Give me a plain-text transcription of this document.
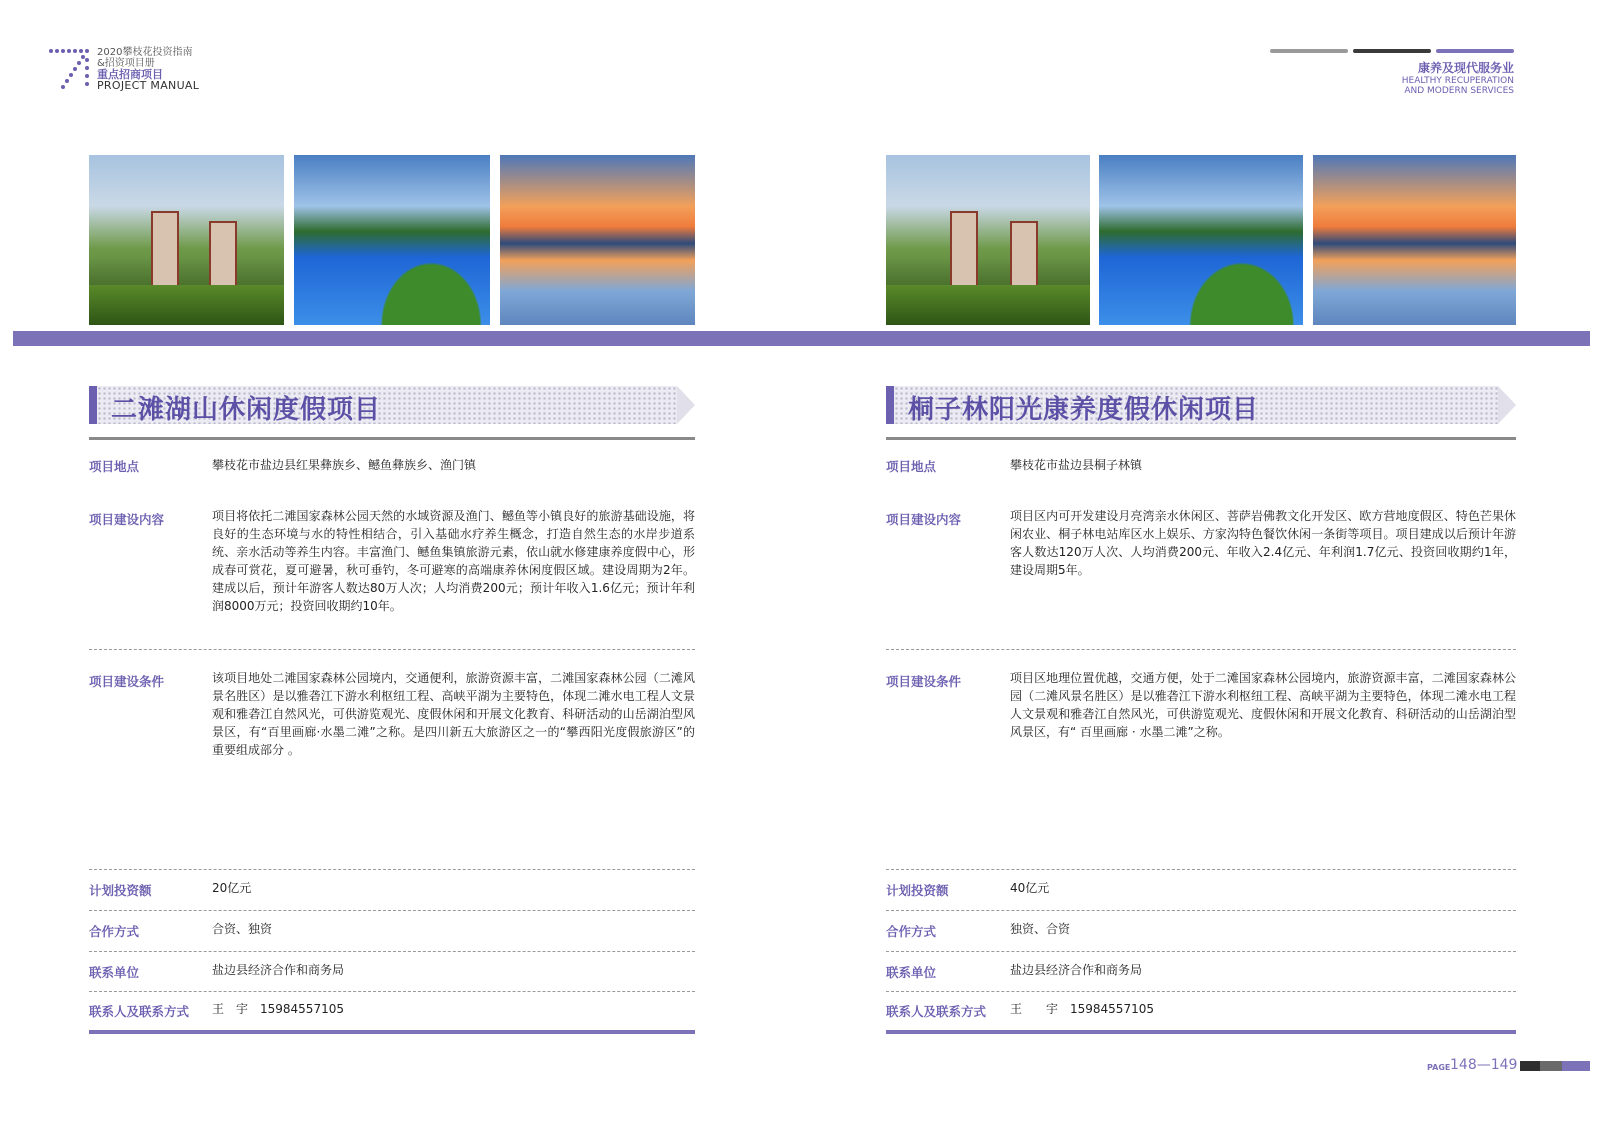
2020攀枝花投资指南
&招资项目册
重点招商项目
PROJECT MANUAL
康养及现代服务业
HEALTHY RECUPERATION
AND MODERN SERVICES
二滩湖山休闲度假项目
项目地点	攀枝花市盐边县红果彝族乡、鳡鱼彝族乡、渔门镇
项目建设内容	项目将依托二滩国家森林公园天然的水域资源及渔门、鳡鱼等小镇良好的旅游基础设施，将良好的生态环境与水的特性相结合，引入基础水疗养生概念，打造自然生态的水岸步道系统、亲水活动等养生内容。丰富渔门、鳡鱼集镇旅游元素，依山就水修建康养度假中心，形成春可赏花，夏可避暑，秋可垂钓，冬可避寒的高端康养休闲度假区域。建设周期为2年。建成以后，预计年游客人数达80万人次；人均消费200元；预计年收入1.6亿元；预计年利润8000万元；投资回收期约10年。
项目建设条件	该项目地处二滩国家森林公园境内，交通便利，旅游资源丰富，二滩国家森林公园（二滩风景名胜区）是以雅砻江下游水利枢纽工程、高峡平湖为主要特色，体现二滩水电工程人文景观和雅砻江自然风光，可供游览观光、度假休闲和开展文化教育、科研活动的山岳湖泊型风景区，有“百里画廊·水墨二滩”之称。是四川新五大旅游区之一的“攀西阳光度假旅游区”的重要组成部分 。
计划投资额	20亿元
合作方式	合资、独资
联系单位	盐边县经济合作和商务局
联系人及联系方式 王　宇　15984557105
桐子林阳光康养度假休闲项目
项目地点	攀枝花市盐边县桐子林镇
项目建设内容	项目区内可开发建设月亮湾亲水休闲区、菩萨岩佛教文化开发区、欧方营地度假区、特色芒果休闲农业、桐子林电站库区水上娱乐、方家沟特色餐饮休闲一条街等项目。项目建成以后预计年游客人数达120万人次、人均消费200元、年收入2.4亿元、年利润1.7亿元、投资回收期约1年，建设周期5年。
项目建设条件	项目区地理位置优越，交通方便，处于二滩国家森林公园境内，旅游资源丰富，二滩国家森林公园（二滩风景名胜区）是以雅砻江下游水利枢纽工程、高峡平湖为主要特色，体现二滩水电工程人文景观和雅砻江自然风光，可供游览观光、度假休闲和开展文化教育、科研活动的山岳湖泊型风景区，有“ 百里画廊 · 水墨二滩”之称。
计划投资额	40亿元
合作方式	独资、合资
联系单位	盐边县经济合作和商务局
联系人及联系方式 王　　宇　15984557105
PAGE 148—149
